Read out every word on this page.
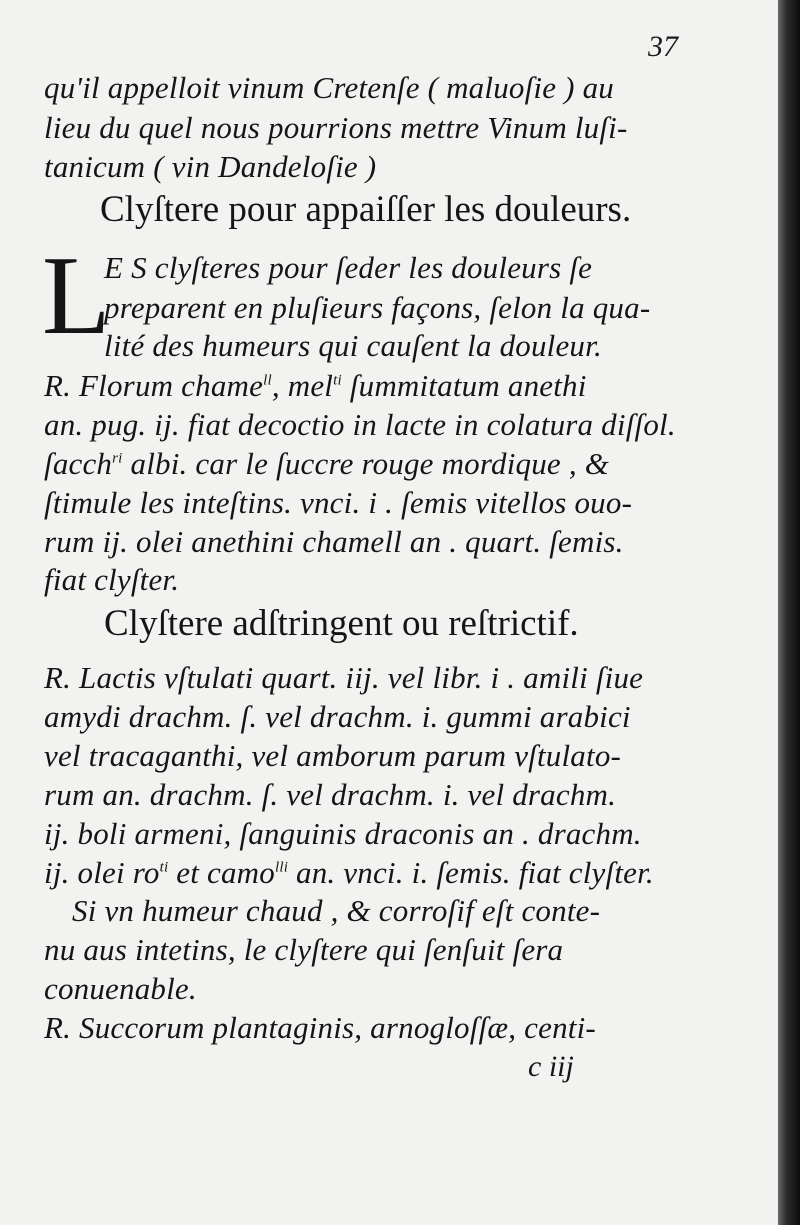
37
qu'il appelloit vinum Cretenſe ( maluoſie ) au
lieu du quel nous pourrions mettre Vinum luſi-
tanicum ( vin Dandeloſie )
Clyſtere pour appaiſſer les douleurs.
L
E S clyſteres pour ſeder les douleurs ſe
preparent en pluſieurs façons, ſelon la qua-
lité des humeurs qui cauſent la douleur.
R. Florum chame$^{ll}$, mel$^{ti}$ ſummitatum anethi
an. pug. ij. fiat decoctio in lacte in colatura diſſol.
ſacch$^{ri}$ albi. car le ſuccre rouge mordique , &
ſtimule les inteſtins. vnci. i . ſemis vitellos ouo-
rum ij. olei anethini chamell an . quart. ſemis.
fiat clyſter.
Clyſtere adſtringent ou reſtrictif.
R. Lactis vſtulati quart. iij. vel libr. i . amili ſiue
amydi drachm. ſ. vel drachm. i. gummi arabici
vel tracaganthi, vel amborum parum vſtulato-
rum an. drachm. ſ. vel drachm. i. vel drachm.
ij. boli armeni, ſanguinis draconis an . drachm.
ij. olei $ro^{ti}$ et camo$^{lli}$ an. vnci. i. ſemis. fiat clyſter.
Si vn humeur chaud , & corroſif eſt conte-
nu aus intetins, le clyſtere qui ſenſuit ſera
conuenable.
R. Succorum plantaginis, arnogloſſæ, centi-
c iij
